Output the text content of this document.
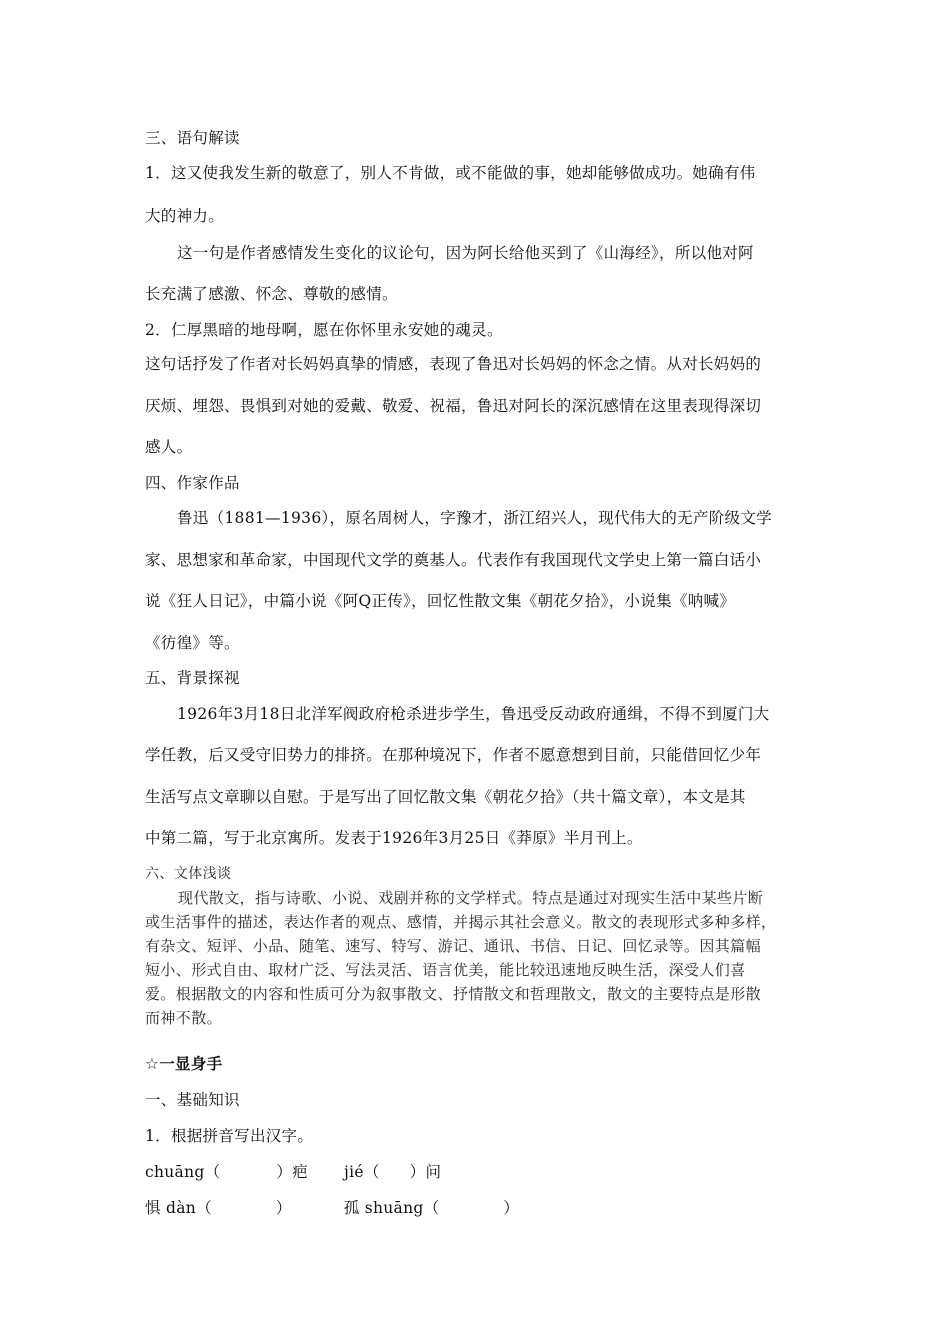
三、语句解读
1．这又使我发生新的敬意了，别人不肯做，或不能做的事，她却能够做成功。她确有伟
大的神力。
这一句是作者感情发生变化的议论句，因为阿长给他买到了《山海经》，所以他对阿
长充满了感激、怀念、尊敬的感情。
2．仁厚黑暗的地母啊，愿在你怀里永安她的魂灵。
这句话抒发了作者对长妈妈真挚的情感，表现了鲁迅对长妈妈的怀念之情。从对长妈妈的
厌烦、埋怨、畏惧到对她的爱戴、敬爱、祝福，鲁迅对阿长的深沉感情在这里表现得深切
感人。
四、作家作品
鲁迅（1881—1936），原名周树人，字豫才，浙江绍兴人，现代伟大的无产阶级文学
家、思想家和革命家，中国现代文学的奠基人。代表作有我国现代文学史上第一篇白话小
说《狂人日记》，中篇小说《阿Q正传》，回忆性散文集《朝花夕拾》，小说集《呐喊》
《彷徨》等。
五、背景探视
1926年3月18日北洋军阀政府枪杀进步学生，鲁迅受反动政府通缉，不得不到厦门大
学任教，后又受守旧势力的排挤。在那种境况下，作者不愿意想到目前，只能借回忆少年
生活写点文章聊以自慰。于是写出了回忆散文集《朝花夕拾》（共十篇文章），本文是其
中第二篇，写于北京寓所。发表于1926年3月25日《莽原》半月刊上。
六、文体浅谈
现代散文，指与诗歌、小说、戏剧并称的文学样式。特点是通过对现实生活中某些片断
或生活事件的描述，表达作者的观点、感情，并揭示其社会意义。散文的表现形式多种多样，
有杂文、短评、小品、随笔、速写、特写、游记、通讯、书信、日记、回忆录等。因其篇幅
短小、形式自由、取材广泛、写法灵活、语言优美，能比较迅速地反映生活，深受人们喜
爱。根据散文的内容和性质可分为叙事散文、抒情散文和哲理散文，散文的主要特点是形散
而神不散。
☆一显身手
一、基础知识
1．根据拼音写出汉字。
chuāng（	）疤 jié（ ）问
惧 dàn（	）	孤 shuāng（	）
